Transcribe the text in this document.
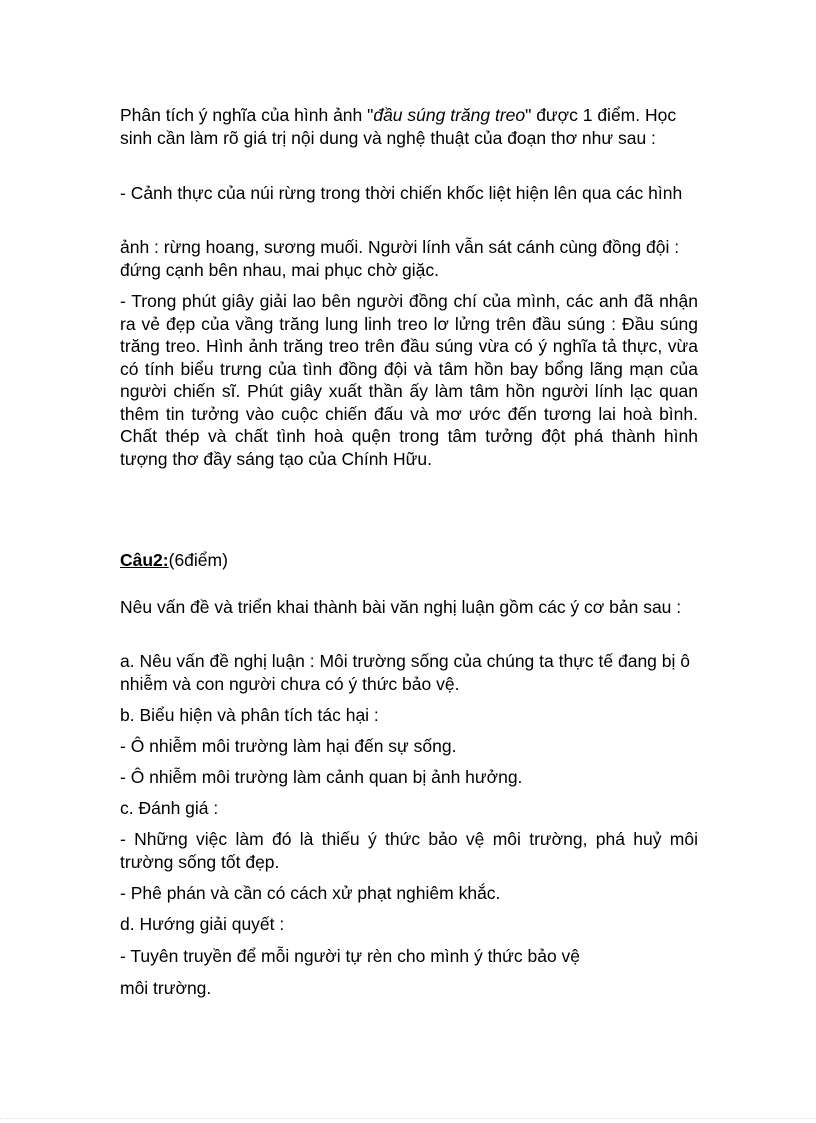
Phân tích ý nghĩa của hình ảnh "đầu súng trăng treo" được 1 điểm. Học sinh cần làm rõ giá trị nội dung và nghệ thuật của đoạn thơ như sau :

- Cảnh thực của núi rừng trong thời chiến khốc liệt hiện lên qua các hình

ảnh : rừng hoang, sương muối. Người lính vẫn sát cánh cùng đồng đội : đứng cạnh bên nhau, mai phục chờ giặc.

- Trong phút giây giải lao bên người đồng chí của mình, các anh đã nhận ra vẻ đẹp của vầng trăng lung linh treo lơ lửng trên đầu súng : Đầu súng trăng treo. Hình ảnh trăng treo trên đầu súng vừa có ý nghĩa tả thực, vừa có tính biểu trưng của tình đồng đội và tâm hồn bay bổng lãng mạn của người chiến sĩ. Phút giây xuất thần ấy làm tâm hồn người lính lạc quan thêm tin tưởng vào cuộc chiến đấu và mơ ước đến tương lai hoà bình. Chất thép và chất tình hoà quện trong tâm tưởng đột phá thành hình tượng thơ đầy sáng tạo của Chính Hữu.

Câu2:(6điểm)

Nêu vấn đề và triển khai thành bài văn nghị luận gồm các ý cơ bản sau :

a. Nêu vấn đề nghị luận : Môi trường sống của chúng ta thực tế đang bị ô nhiễm và con người chưa có ý thức bảo vệ.

b. Biểu hiện và phân tích tác hại :

- Ô nhiễm môi trường làm hại đến sự sống.

- Ô nhiễm môi trường làm cảnh quan bị ảnh hưởng.

c. Đánh giá :

- Những việc làm đó là thiếu ý thức bảo vệ môi trường, phá huỷ môi trường sống tốt đẹp.

- Phê phán và cần có cách xử phạt nghiêm khắc.

d. Hướng giải quyết :

- Tuyên truyền để mỗi người tự rèn cho mình ý thức bảo vệ

môi trường.
